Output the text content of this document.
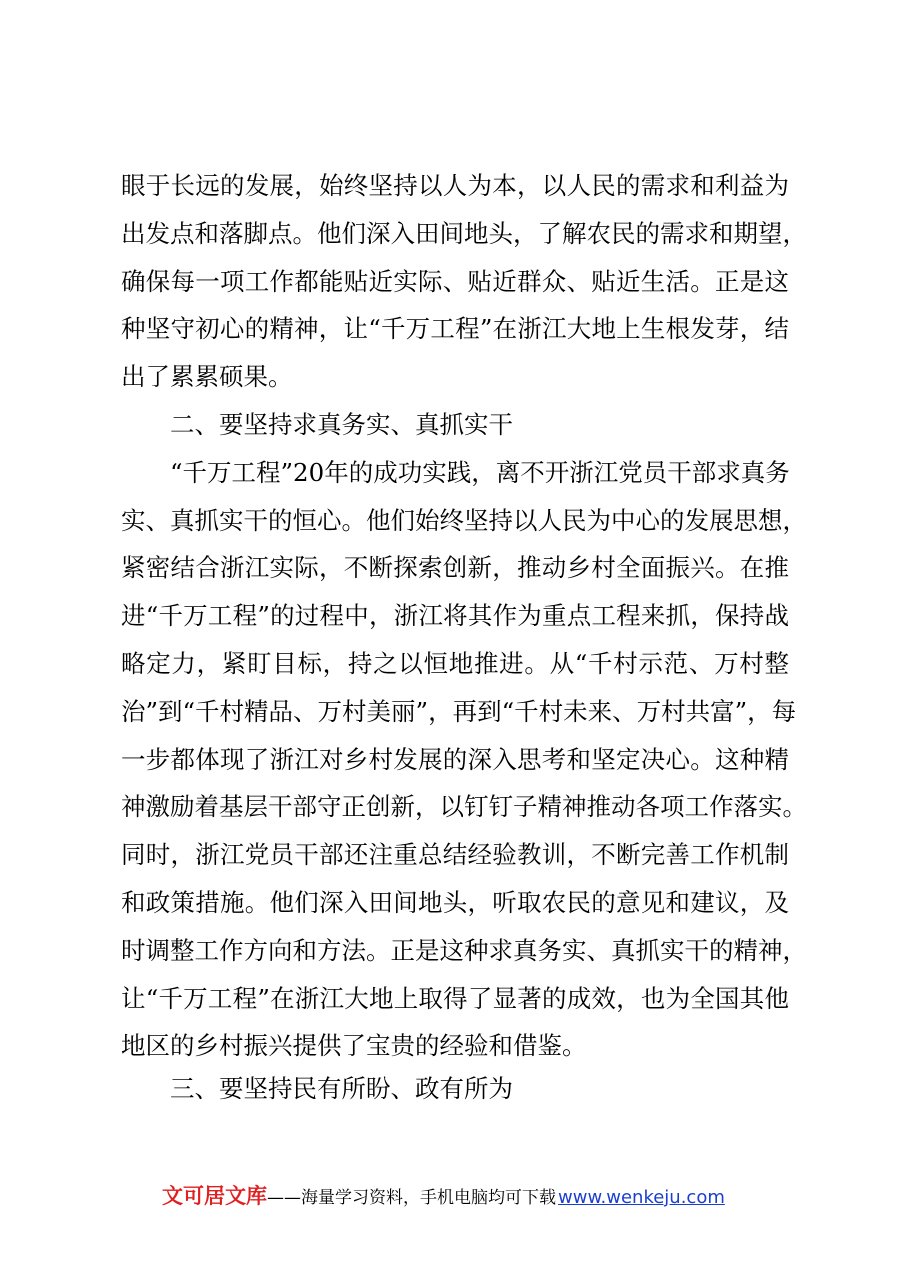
眼于长远的发展，始终坚持以人为本，以人民的需求和利益为
出发点和落脚点。他们深入田间地头，了解农民的需求和期望，
确保每一项工作都能贴近实际、贴近群众、贴近生活。正是这
种坚守初心的精神，让“千万工程”在浙江大地上生根发芽，结
出了累累硕果。
二、要坚持求真务实、真抓实干
“千万工程”20年的成功实践，离不开浙江党员干部求真务
实、真抓实干的恒心。他们始终坚持以人民为中心的发展思想，
紧密结合浙江实际，不断探索创新，推动乡村全面振兴。在推
进“千万工程”的过程中，浙江将其作为重点工程来抓，保持战
略定力，紧盯目标，持之以恒地推进。从“千村示范、万村整
治”到“千村精品、万村美丽”，再到“千村未来、万村共富”，每
一步都体现了浙江对乡村发展的深入思考和坚定决心。这种精
神激励着基层干部守正创新，以钉钉子精神推动各项工作落实。
同时，浙江党员干部还注重总结经验教训，不断完善工作机制
和政策措施。他们深入田间地头，听取农民的意见和建议，及
时调整工作方向和方法。正是这种求真务实、真抓实干的精神，
让“千万工程”在浙江大地上取得了显著的成效，也为全国其他
地区的乡村振兴提供了宝贵的经验和借鉴。
三、要坚持民有所盼、政有所为
文可居文库 ——海量学习资料，手机电脑均可下载 www.wenkeju.com
